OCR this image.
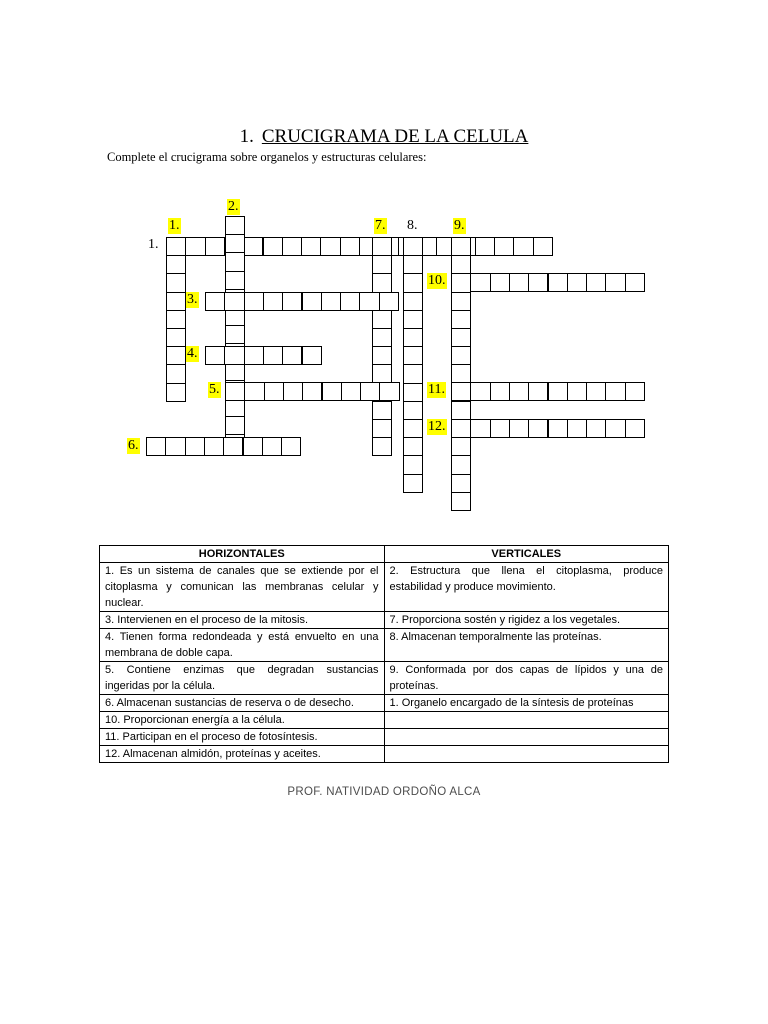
1. CRUCIGRAMA DE LA CELULA
Complete el crucigrama sobre organelos y estructuras celulares:
1.
2.
7. 8.	9.
1.
10.
3.
4.
5.	11.
12.
6.
HORIZONTALES	VERTICALES
1. Es un sistema de canales que se extiende por el citoplasma y comunican las membranas celular y nuclear.	2. Estructura que llena el citoplasma, produce estabilidad y produce movimiento.
3. Intervienen en el proceso de la mitosis.	7. Proporciona sostén y rigidez a los vegetales.
4. Tienen forma redondeada y está envuelto en una membrana de doble capa.	8. Almacenan temporalmente las proteínas.
5. Contiene enzimas que degradan sustancias ingeridas por la célula.	9. Conformada por dos capas de lípidos y una de proteínas.
6. Almacenan sustancias de reserva o de desecho.	1. Organelo encargado de la síntesis de proteínas
10. Proporcionan energía a la célula.	
11. Participan en el proceso de fotosíntesis.	
12. Almacenan almidón, proteínas y aceites.	
PROF. NATIVIDAD ORDOÑO ALCA
